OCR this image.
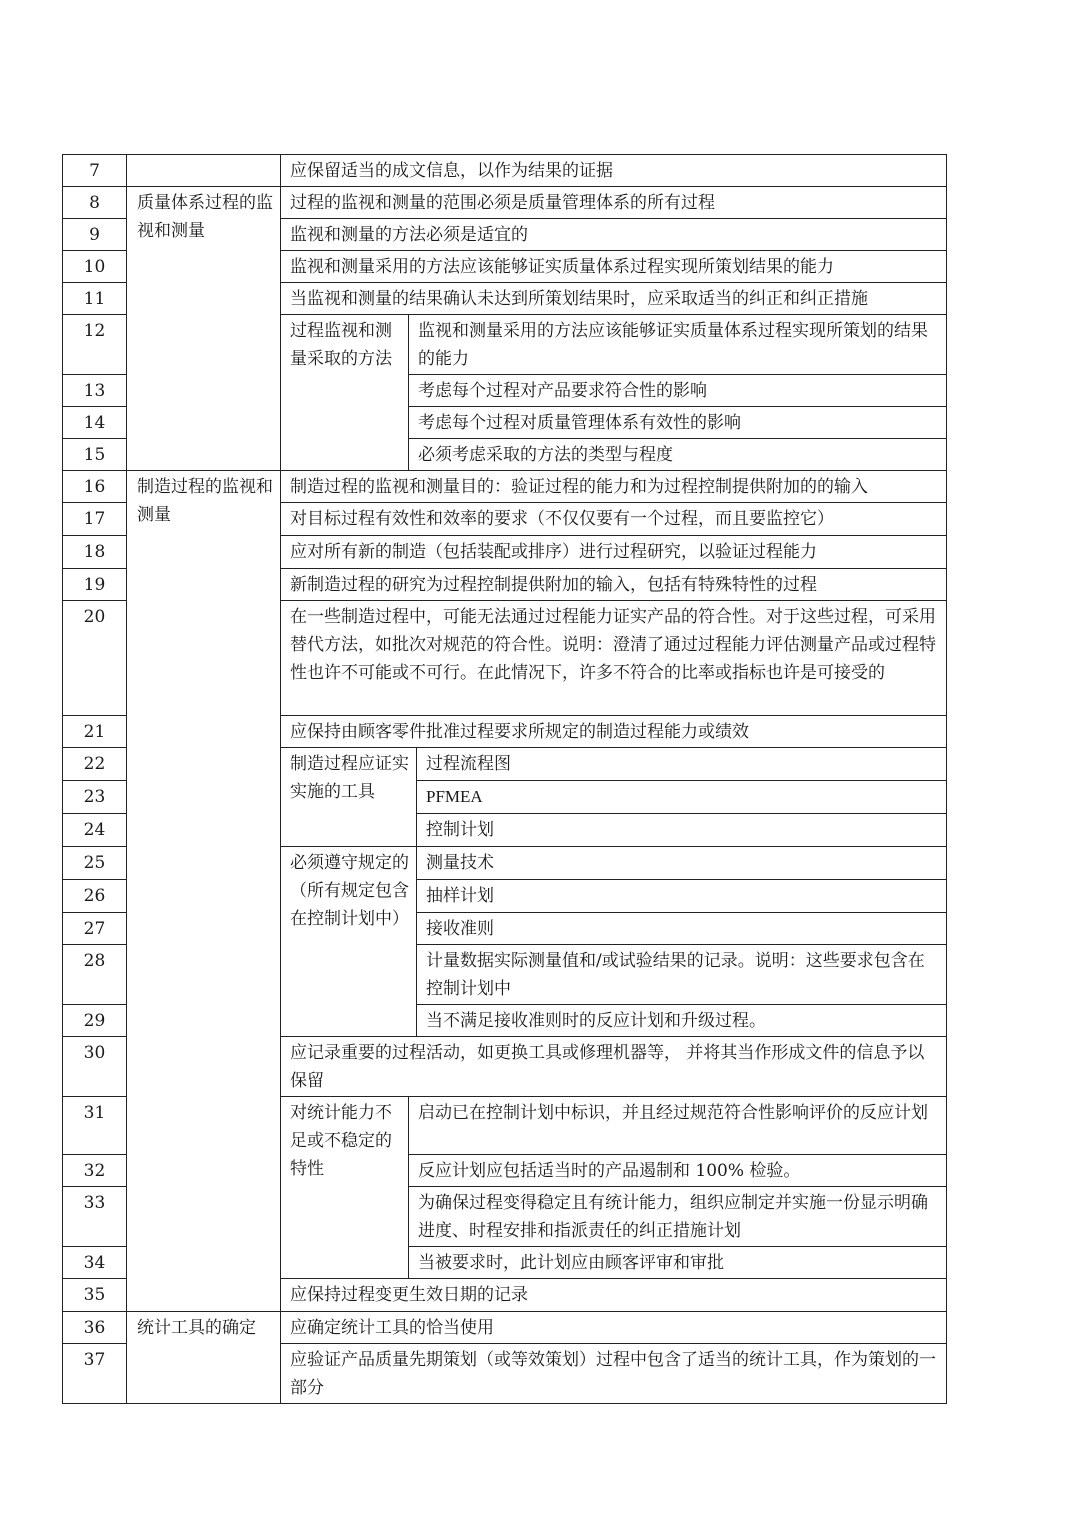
7		应保留适当的成文信息，以作为结果的证据		
8	质量体系过程的监视和测量	过程的监视和测量的范围必须是质量管理体系的所有过程		
9		监视和测量的方法必须是适宜的		
10		监视和测量采用的方法应该能够证实质量体系过程实现所策划结果的能力		
11		当监视和测量的结果确认未达到所策划结果时，应采取适当的纠正和纠正措施		
12		过程监视和测量采取的方法	监视和测量采用的方法应该能够证实质量体系过程实现所策划的结果的能力	
13			考虑每个过程对产品要求符合性的影响	
14			考虑每个过程对质量管理体系有效性的影响	
15			必须考虑采取的方法的类型与程度	
16	制造过程的监视和测量	制造过程的监视和测量目的：验证过程的能力和为过程控制提供附加的的输入		
17		对目标过程有效性和效率的要求（不仅仅要有一个过程，而且要监控它）		
18		应对所有新的制造（包括装配或排序）进行过程研究，以验证过程能力		
19		新制造过程的研究为过程控制提供附加的输入，包括有特殊特性的过程		
20		在一些制造过程中，可能无法通过过程能力证实产品的符合性。对于这些过程，可采用替代方法，如批次对规范的符合性。说明：澄清了通过过程能力评估测量产品或过程特性也许不可能或不可行。在此情况下，许多不符合的比率或指标也许是可接受的		
21		应保持由顾客零件批准过程要求所规定的制造过程能力或绩效		
22		制造过程应证实实施的工具		过程流程图
23				PFMEA
24				控制计划
25		必须遵守规定的（所有规定包含在控制计划中）		测量技术
26				抽样计划
27				接收准则
28				计量数据实际测量值和/或试验结果的记录。说明：这些要求包含在控制计划中
29				当不满足接收准则时的反应计划和升级过程。
30		应记录重要的过程活动，如更换工具或修理机器等， 并将其当作形成文件的信息予以保留		
31		对统计能力不足或不稳定的特性	启动已在控制计划中标识，并且经过规范符合性影响评价的反应计划	
32			反应计划应包括适当时的产品遏制和 100% 检验。	
33			为确保过程变得稳定且有统计能力，组织应制定并实施一份显示明确进度、时程安排和指派责任的纠正措施计划	
34			当被要求时，此计划应由顾客评审和审批	
35		应保持过程变更生效日期的记录		
36	统计工具的确定	应确定统计工具的恰当使用		
37		应验证产品质量先期策划（或等效策划）过程中包含了适当的统计工具，作为策划的一部分		
